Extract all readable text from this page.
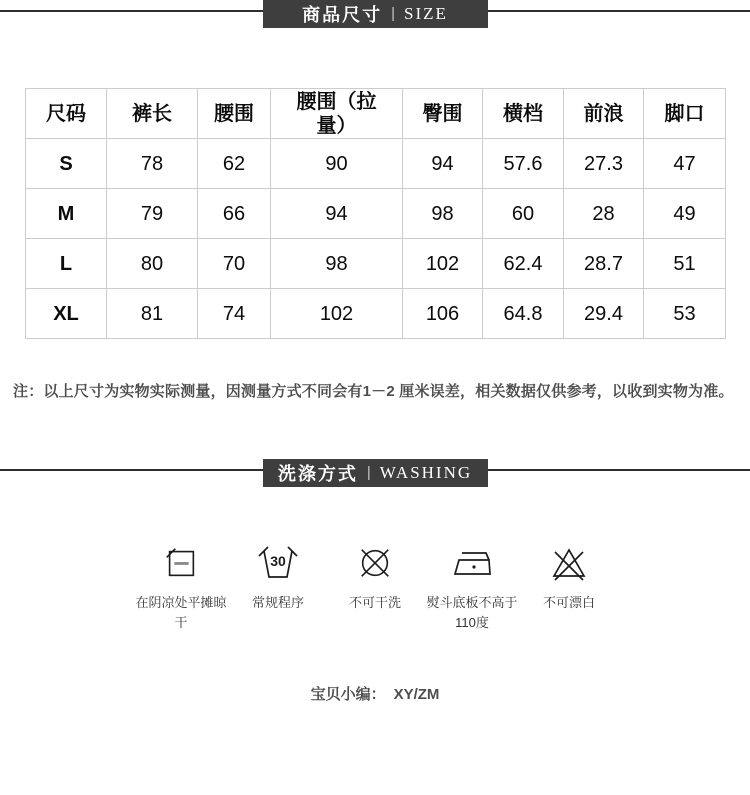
商品尺寸 | SIZE
尺码	裤长	腰围	腰围（拉量）	臀围	横档	前浪	脚口
S	78	62	90	94	57.6	27.3	47
M	79	66	94	98	60	28	49
L	80	70	98	102	62.4	28.7	51
XL	81	74	102	106	64.8	29.4	53
注：以上尺寸为实物实际测量，因测量方式不同会有1－2 厘米误差，相关数据仅供参考，以收到实物为准。
洗涤方式 | WASHING
在阴凉处平摊晾干
30
常规程序	不可干洗 熨斗底板不高于110度
不可漂白
宝贝小编： XY/ZM
